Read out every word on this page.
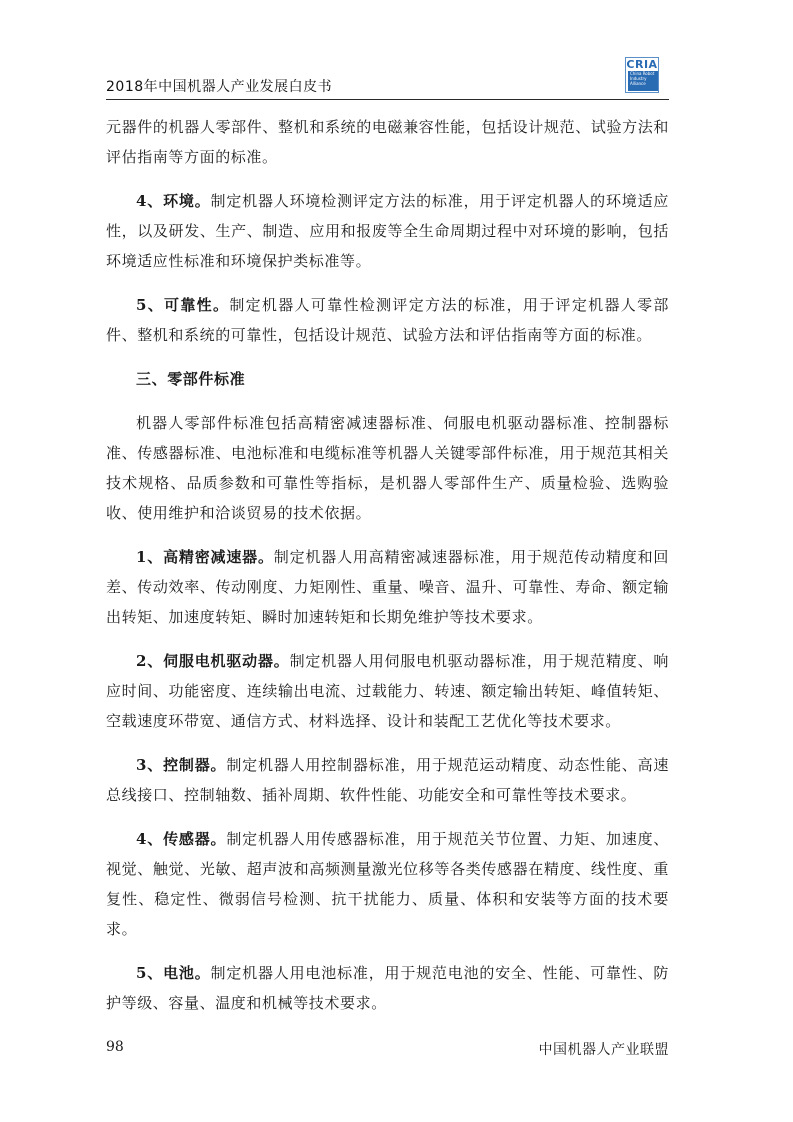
2018年中国机器人产业发展白皮书
CRIA
China Robot Industry Alliance

元器件的机器人零部件、整机和系统的电磁兼容性能，包括设计规范、试验方法和评估指南等方面的标准。

4、环境。制定机器人环境检测评定方法的标准，用于评定机器人的环境适应性，以及研发、生产、制造、应用和报废等全生命周期过程中对环境的影响，包括环境适应性标准和环境保护类标准等。

5、可靠性。制定机器人可靠性检测评定方法的标准，用于评定机器人零部件、整机和系统的可靠性，包括设计规范、试验方法和评估指南等方面的标准。

三、零部件标准

机器人零部件标准包括高精密减速器标准、伺服电机驱动器标准、控制器标准、传感器标准、电池标准和电缆标准等机器人关键零部件标准，用于规范其相关技术规格、品质参数和可靠性等指标，是机器人零部件生产、质量检验、选购验收、使用维护和洽谈贸易的技术依据。

1、高精密减速器。制定机器人用高精密减速器标准，用于规范传动精度和回差、传动效率、传动刚度、力矩刚性、重量、噪音、温升、可靠性、寿命、额定输出转矩、加速度转矩、瞬时加速转矩和长期免维护等技术要求。

2、伺服电机驱动器。制定机器人用伺服电机驱动器标准，用于规范精度、响应时间、功能密度、连续输出电流、过载能力、转速、额定输出转矩、峰值转矩、空载速度环带宽、通信方式、材料选择、设计和装配工艺优化等技术要求。

3、控制器。制定机器人用控制器标准，用于规范运动精度、动态性能、高速总线接口、控制轴数、插补周期、软件性能、功能安全和可靠性等技术要求。

4、传感器。制定机器人用传感器标准，用于规范关节位置、力矩、加速度、视觉、触觉、光敏、超声波和高频测量激光位移等各类传感器在精度、线性度、重复性、稳定性、微弱信号检测、抗干扰能力、质量、体积和安装等方面的技术要求。

5、电池。制定机器人用电池标准，用于规范电池的安全、性能、可靠性、防护等级、容量、温度和机械等技术要求。

98	中国机器人产业联盟
